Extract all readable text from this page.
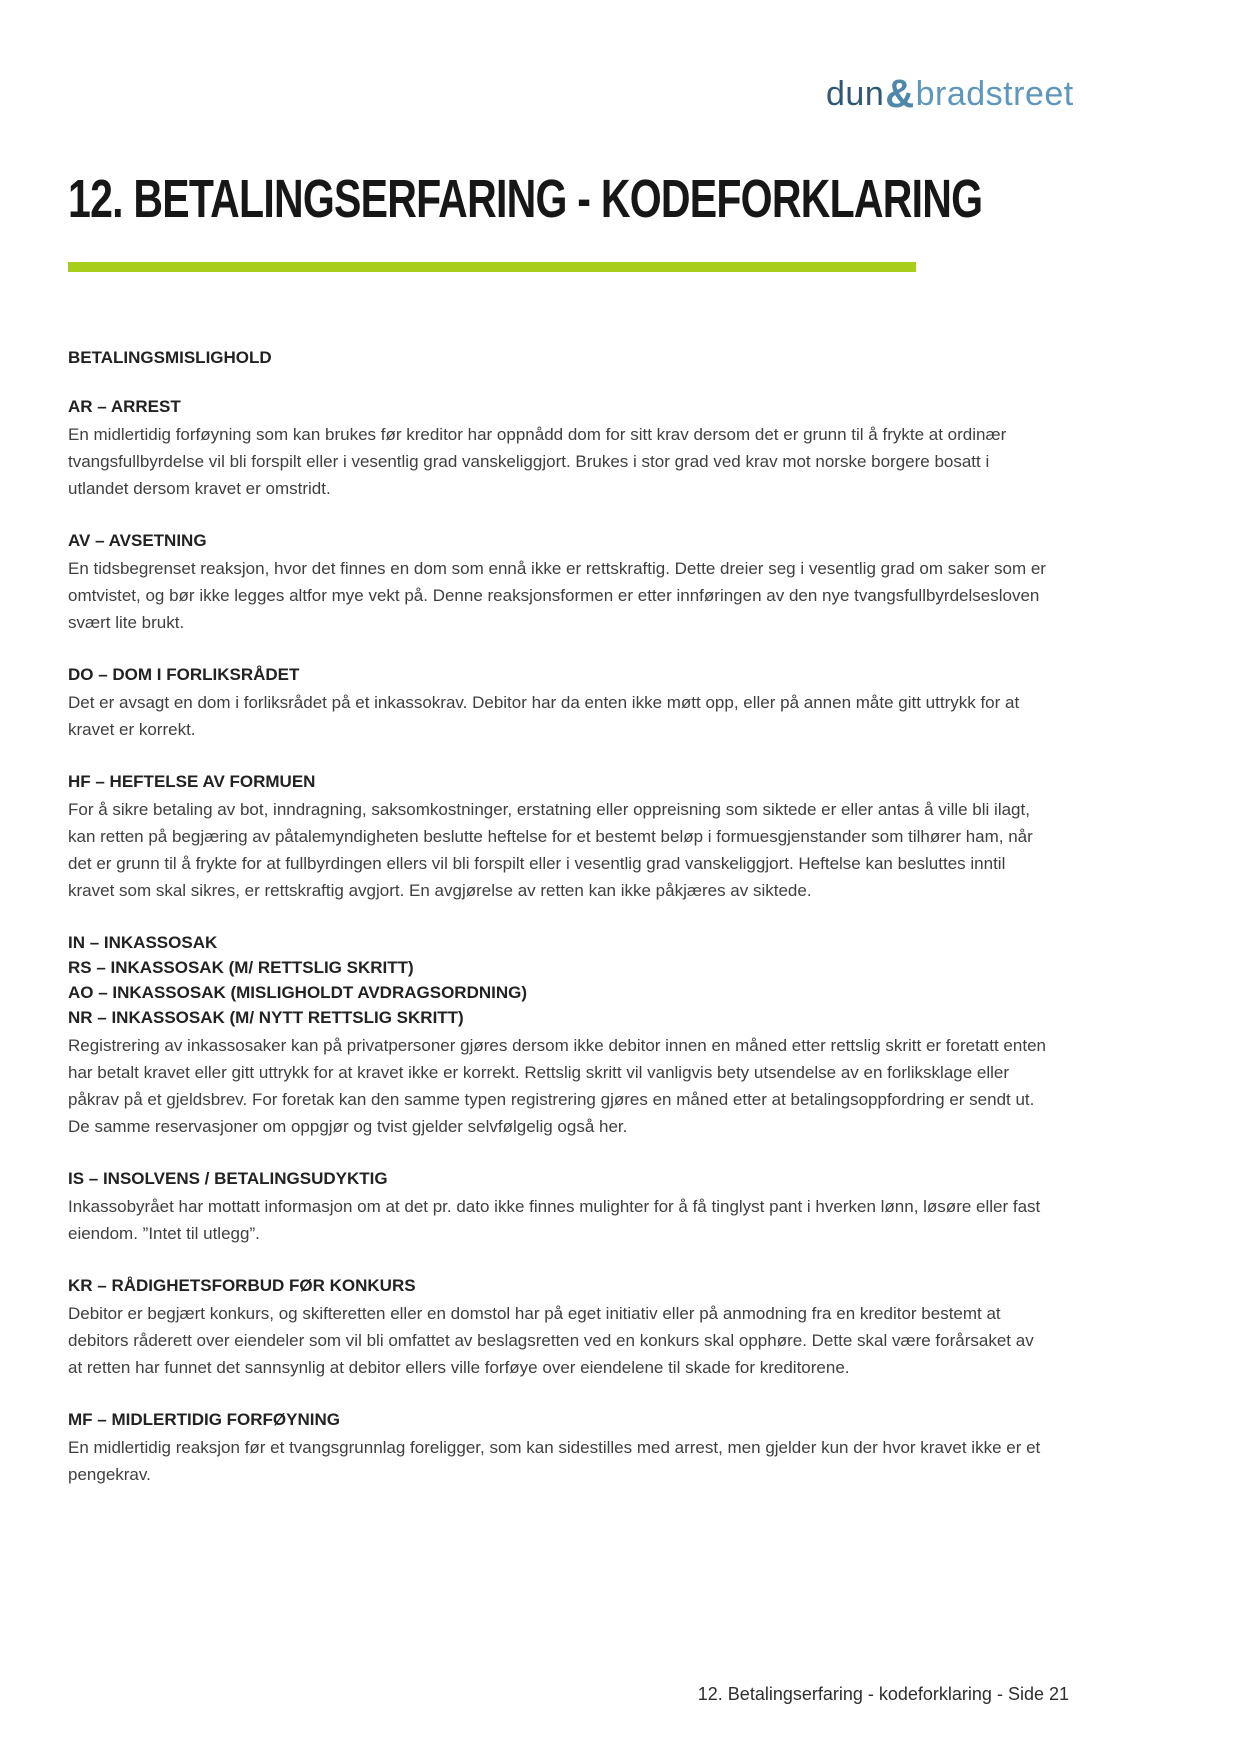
dun&bradstreet
12. BETALINGSERFARING - KODEFORKLARING
BETALINGSMISLIGHOLD
AR – ARREST
En midlertidig forføyning som kan brukes før kreditor har oppnådd dom for sitt krav dersom det er grunn til å frykte at ordinær tvangsfullbyrdelse vil bli forspilt eller i vesentlig grad vanskeliggjort. Brukes i stor grad ved krav mot norske borgere bosatt i utlandet dersom kravet er omstridt.
AV – AVSETNING
En tidsbegrenset reaksjon, hvor det finnes en dom som ennå ikke er rettskraftig. Dette dreier seg i vesentlig grad om saker som er omtvistet, og bør ikke legges altfor mye vekt på. Denne reaksjonsformen er etter innføringen av den nye tvangsfullbyrdelsesloven svært lite brukt.
DO – DOM I FORLIKSRÅDET
Det er avsagt en dom i forliksrådet på et inkassokrav. Debitor har da enten ikke møtt opp, eller på annen måte gitt uttrykk for at kravet er korrekt.
HF – HEFTELSE AV FORMUEN
For å sikre betaling av bot, inndragning, saksomkostninger, erstatning eller oppreisning som siktede er eller antas å ville bli ilagt, kan retten på begjæring av påtalemyndigheten beslutte heftelse for et bestemt beløp i formuesgjenstander som tilhører ham, når det er grunn til å frykte for at fullbyrdingen ellers vil bli forspilt eller i vesentlig grad vanskeliggjort. Heftelse kan besluttes inntil kravet som skal sikres, er rettskraftig avgjort. En avgjørelse av retten kan ikke påkjæres av siktede.
IN – INKASSOSAK
RS – INKASSOSAK (M/ RETTSLIG SKRITT)
AO – INKASSOSAK (MISLIGHOLDT AVDRAGSORDNING)
NR – INKASSOSAK (M/ NYTT RETTSLIG SKRITT)
Registrering av inkassosaker kan på privatpersoner gjøres dersom ikke debitor innen en måned etter rettslig skritt er foretatt enten har betalt kravet eller gitt uttrykk for at kravet ikke er korrekt. Rettslig skritt vil vanligvis bety utsendelse av en forliksklage eller påkrav på et gjeldsbrev. For foretak kan den samme typen registrering gjøres en måned etter at betalingsoppfordring er sendt ut. De samme reservasjoner om oppgjør og tvist gjelder selvfølgelig også her.
IS – INSOLVENS / BETALINGSUDYKTIG
Inkassobyrået har mottatt informasjon om at det pr. dato ikke finnes mulighter for å få tinglyst pant i hverken lønn, løsøre eller fast eiendom. ”Intet til utlegg”.
KR – RÅDIGHETSFORBUD FØR KONKURS
Debitor er begjært konkurs, og skifteretten eller en domstol har på eget initiativ eller på anmodning fra en kreditor bestemt at debitors råderett over eiendeler som vil bli omfattet av beslagsretten ved en konkurs skal opphøre. Dette skal være forårsaket av at retten har funnet det sannsynlig at debitor ellers ville forføye over eiendelene til skade for kreditorene.
MF – MIDLERTIDIG FORFØYNING
En midlertidig reaksjon før et tvangsgrunnlag foreligger, som kan sidestilles med arrest, men gjelder kun der hvor kravet ikke er et pengekrav.
12. Betalingserfaring - kodeforklaring - Side 21
